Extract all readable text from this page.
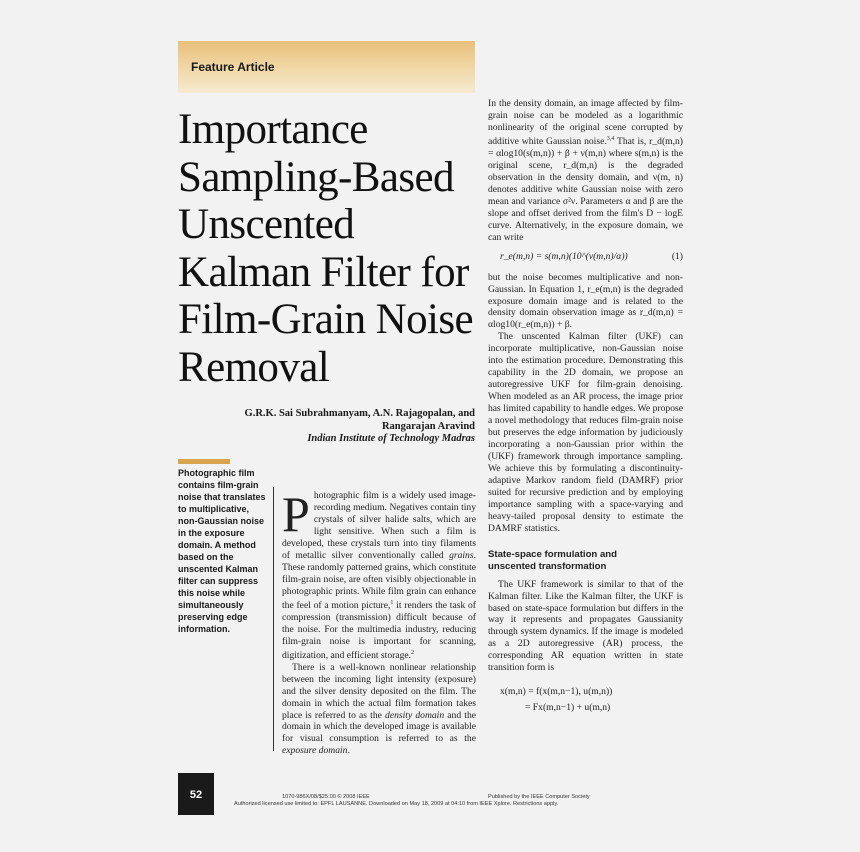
Feature Article
Importance
Sampling-Based
Unscented
Kalman Filter for
Film-Grain Noise
Removal
G.R.K. Sai Subrahmanyam, A.N. Rajagopalan, and
Rangarajan Aravind
Indian Institute of Technology Madras
Photographic film contains film-grain noise that translates to multiplicative, non-Gaussian noise in the exposure domain. A method based on the unscented Kalman filter can suppress this noise while simultaneously preserving edge information.

Photographic film is a widely used image-recording medium. Negatives contain tiny crystals of silver halide salts, which are light sensitive. When such a film is developed, these crystals turn into tiny filaments of metallic silver conventionally called grains. These randomly patterned grains, which constitute film-grain noise, are often visibly objectionable in photographic prints. While film grain can enhance the feel of a motion picture,$^1$ it renders the task of compression (transmission) difficult because of the noise. For the multimedia industry, reducing film-grain noise is important for scanning, digitization, and efficient storage.$^2$

There is a well-known nonlinear relationship between the incoming light intensity (exposure) and the silver density deposited on the film. The domain in which the actual film formation takes place is referred to as the density domain and the domain in which the developed image is available for visual consumption is referred to as the exposure domain.

In the density domain, an image affected by film-grain noise can be modeled as a logarithmic nonlinearity of the original scene corrupted by additive white Gaussian noise.$^{3,4}$ That is, r_d(m,n) = αlog10(s(m,n)) + β + ν(m,n) where s(m,n) is the original scene, r_d(m,n) is the degraded observation in the density domain, and ν(m, n) denotes additive white Gaussian noise with zero mean and variance σ²ν. Parameters α and β are the slope and offset derived from the film's D − logE curve. Alternatively, in the exposure domain, we can write

r_e(m,n) = s(m,n)(10^(ν(m,n)/α))	(1)

but the noise becomes multiplicative and non-Gaussian. In Equation 1, r_e(m,n) is the degraded exposure domain image and is related to the density domain observation image as r_d(m,n) = αlog10(r_e(m,n)) + β.

The unscented Kalman filter (UKF) can incorporate multiplicative, non-Gaussian noise into the estimation procedure. Demonstrating this capability in the 2D domain, we propose an autoregressive UKF for film-grain denoising. When modeled as an AR process, the image prior has limited capability to handle edges. We propose a novel methodology that reduces film-grain noise but preserves the edge information by judiciously incorporating a non-Gaussian prior within the (UKF) framework through importance sampling. We achieve this by formulating a discontinuity-adaptive Markov random field (DAMRF) prior suited for recursive prediction and by employing importance sampling with a space-varying and heavy-tailed proposal density to estimate the DAMRF statistics.

State-space formulation and
unscented transformation

The UKF framework is similar to that of the Kalman filter. Like the Kalman filter, the UKF is based on state-space formulation but differs in the way it represents and propagates Gaussianity through system dynamics. If the image is modeled as a 2D autoregressive (AR) process, the corresponding AR equation written in state transition form is

x(m,n) = f(x(m,n−1), u(m,n))
= Fx(m,n−1) + u(m,n)
52	1070-986X/08/$25.00 © 2008 IEEE	Published by the IEEE Computer Society
Authorized licensed use limited to: EPFL LAUSANNE. Downloaded on May 18, 2009 at 04:10 from IEEE Xplore. Restrictions apply.
